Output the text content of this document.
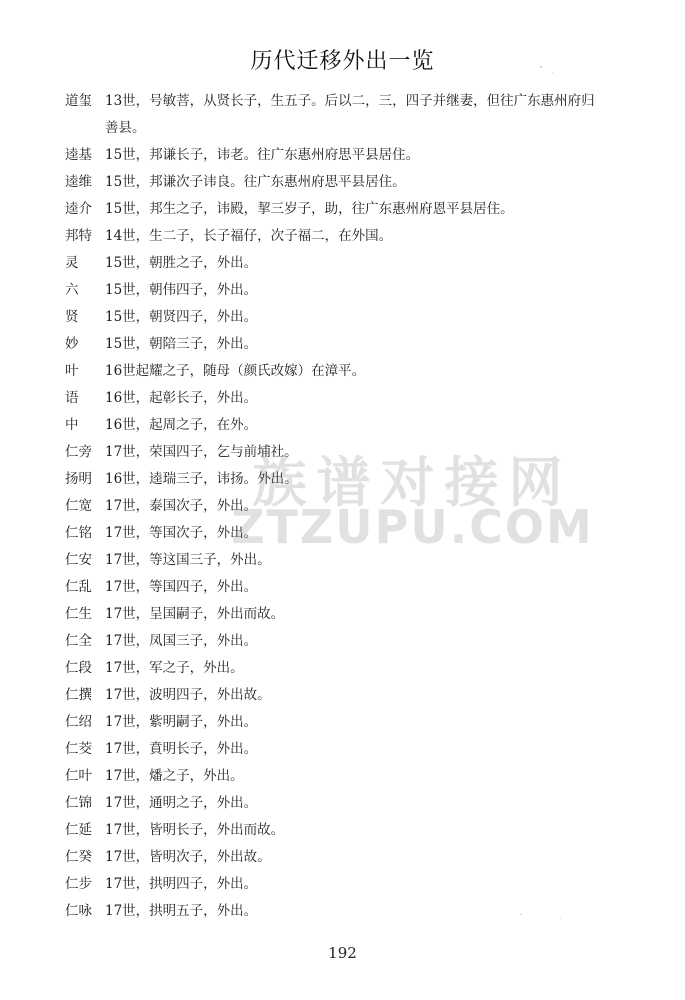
历代迁移外出一览
道玺 13世，号敏菩，从贤长子，生五子。后以二，三，四子并继妻，但往广东惠州府归
善县。
逵基 15世，邦谦长子，讳老。往广东惠州府思平县居住。
逵维 15世，邦谦次子讳良。往广东惠州府思平县居住。
逵介 15世，邦生之子，讳殿，挈三岁子，助，往广东惠州府恩平县居住。
邦特 14世，生二子，长子福仔，次子福二，在外国。
灵 15世，朝胜之子，外出。
六 15世，朝伟四子，外出。
贤 15世，朝贤四子，外出。
妙 15世，朝陪三子，外出。
叶 16世起耀之子，随母（颜氏改嫁）在漳平。
语 16世，起彰长子，外出。
中 16世，起周之子，在外。
仁旁 17世，荣国四子，乞与前埔社。
扬明 16世，逵瑞三子，讳扬。外出。
仁宽 17世，泰国次子，外出。
仁铭 17世，等国次子，外出。
仁安 17世，等这国三子，外出。
仁乱 17世，等国四子，外出。
仁生 17世，呈国嗣子，外出而故。
仁全 17世，凤国三子，外出。
仁段 17世，军之子，外出。
仁撰 17世，波明四子，外出故。
仁绍 17世，紫明嗣子，外出。
仁茭 17世，賁明长子，外出。
仁叶 17世，燔之子，外出。
仁锦 17世，通明之子，外出。
仁延 17世，皆明长子，外出而故。
仁癸 17世，皆明次子，外出故。
仁步 17世，拱明四子，外出。
仁咏 17世，拱明五子，外出。
族谱对接网
ZTZUPU.COM
192
